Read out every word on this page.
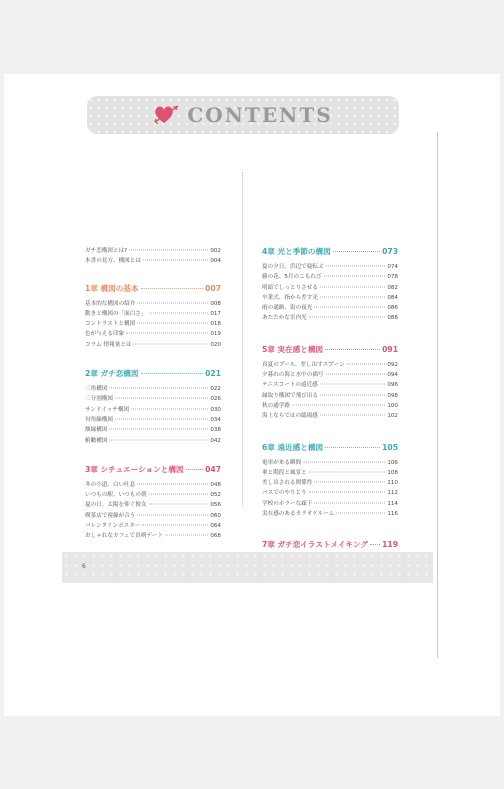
CONTENTS
ガチ恋構図とは?	002
本書の見方、構図とは	004
1章 構図の基本	007
基本的な構図の紹介	008
動きと構図の「面白さ」	017
コントラストと構図	018
色が与える印象	019
コラム 情報量とは	020
2章 ガチ恋構図	021
三角構図	022
三分割構図	026
サンドイッチ構図	030
対角線構図	034
額縁構図	038
俯瞰構図	042
3章 シチュエーションと構図	047
冬の小道、白い吐息	048
いつもの駅、いつもの朝	052
夏の日、太陽を仰ぐ彼女	056
喫茶店で視線が合う	060
バレンタインポスター	064
おしゃれなカフェで真剣デート	068
4章 光と季節の構図	073
夏の夕日、浜辺で寝転ぶ	074
藤の花、5月のこもれび	078
明暗でしっとりさせる	082
卒業式、指から差す光	084
雨の通路、街の夜光	086
あたたかな室内光	088
5章 実在感と構図	091
真夏のプール、差し出すスプーン	092
夕暮れの海と水中の描写	094
テニスコートの遠近感	096
縁取り構図で飛び出る	098
秋の通学路	100
海上ならではの臨場感	102
6章 遠近感と構図	105
電車が来る瞬間	106
傘と階段と風景と	108
差し出される関係性	110
バスでのやりとり	112
学校のホラーな廊下	114
実在感のあるカラオケルーム	116
7章 ガチ恋イラストメイキング 119
6
